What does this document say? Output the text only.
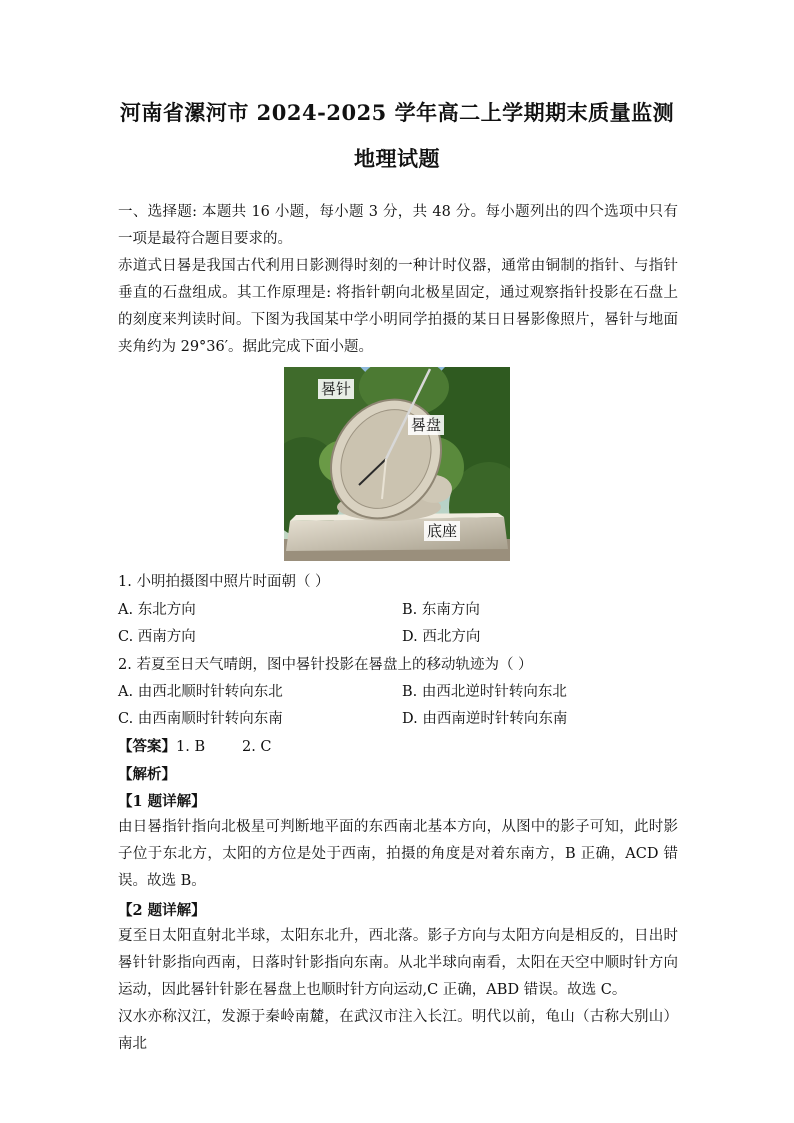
河南省漯河市 2024-2025 学年高二上学期期末质量监测
地理试题
一、选择题: 本题共 16 小题，每小题 3 分，共 48 分。每小题列出的四个选项中只有一项是最符合题目要求的。
赤道式日晷是我国古代利用日影测得时刻的一种计时仪器，通常由铜制的指针、与指针垂直的石盘组成。其工作原理是: 将指针朝向北极星固定，通过观察指针投影在石盘上的刻度来判读时间。下图为我国某中学小明同学拍摄的某日日晷影像照片，晷针与地面夹角约为 29°36′。据此完成下面小题。
晷针
晷盘
底座
1. 小明拍摄图中照片时面朝（ ）
A. 东北方向	B. 东南方向
C. 西南方向	D. 西北方向
2. 若夏至日天气晴朗，图中晷针投影在晷盘上的移动轨迹为（ ）
A. 由西北顺时针转向东北	B. 由西北逆时针转向东北
C. 由西南顺时针转向东南	D. 由西南逆时针转向东南
【答案】1. B        2. C
【解析】
【1 题详解】
由日晷指针指向北极星可判断地平面的东西南北基本方向，从图中的影子可知，此时影子位于东北方，太阳的方位是处于西南，拍摄的角度是对着东南方，B 正确，ACD 错误。故选 B。
【2 题详解】
夏至日太阳直射北半球，太阳东北升，西北落。影子方向与太阳方向是相反的，日出时晷针针影指向西南，日落时针影指向东南。从北半球向南看，太阳在天空中顺时针方向运动，因此晷针针影在晷盘上也顺时针方向运动,C 正确，ABD 错误。故选 C。
汉水亦称汉江，发源于秦岭南麓，在武汉市注入长江。明代以前，龟山（古称大别山）南北
